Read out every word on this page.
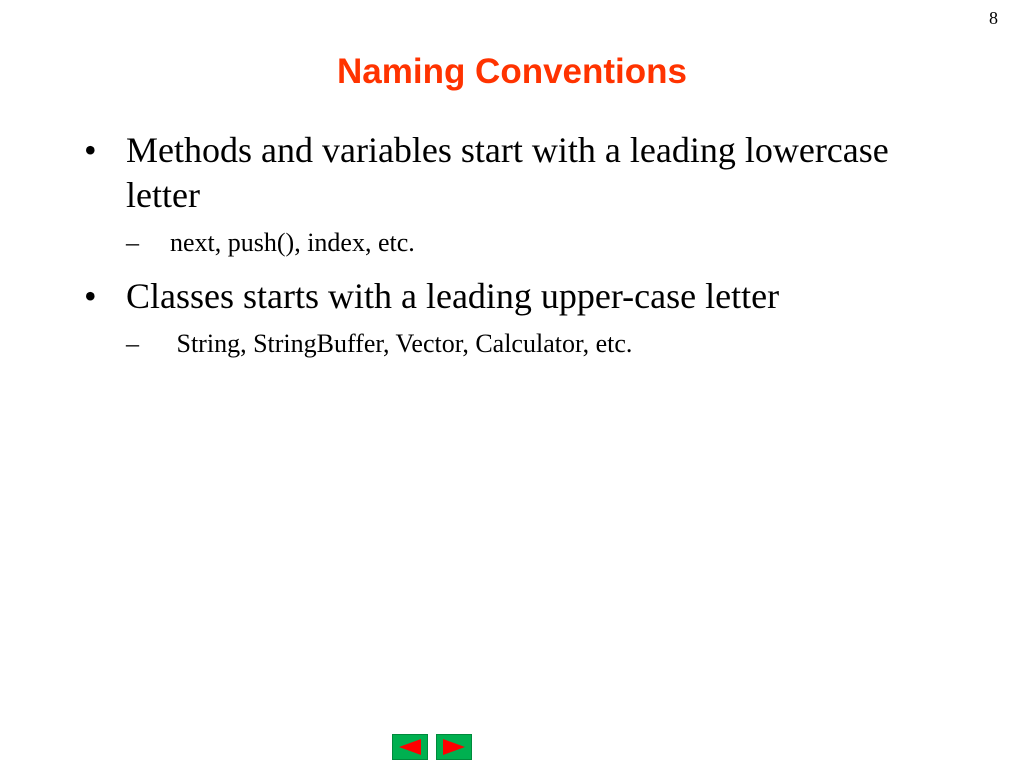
8
Naming Conventions
• Methods and variables start with a leading lowercase letter
– next, push(), index, etc.
• Classes starts with a leading upper-case letter
– String, StringBuffer, Vector, Calculator, etc.
